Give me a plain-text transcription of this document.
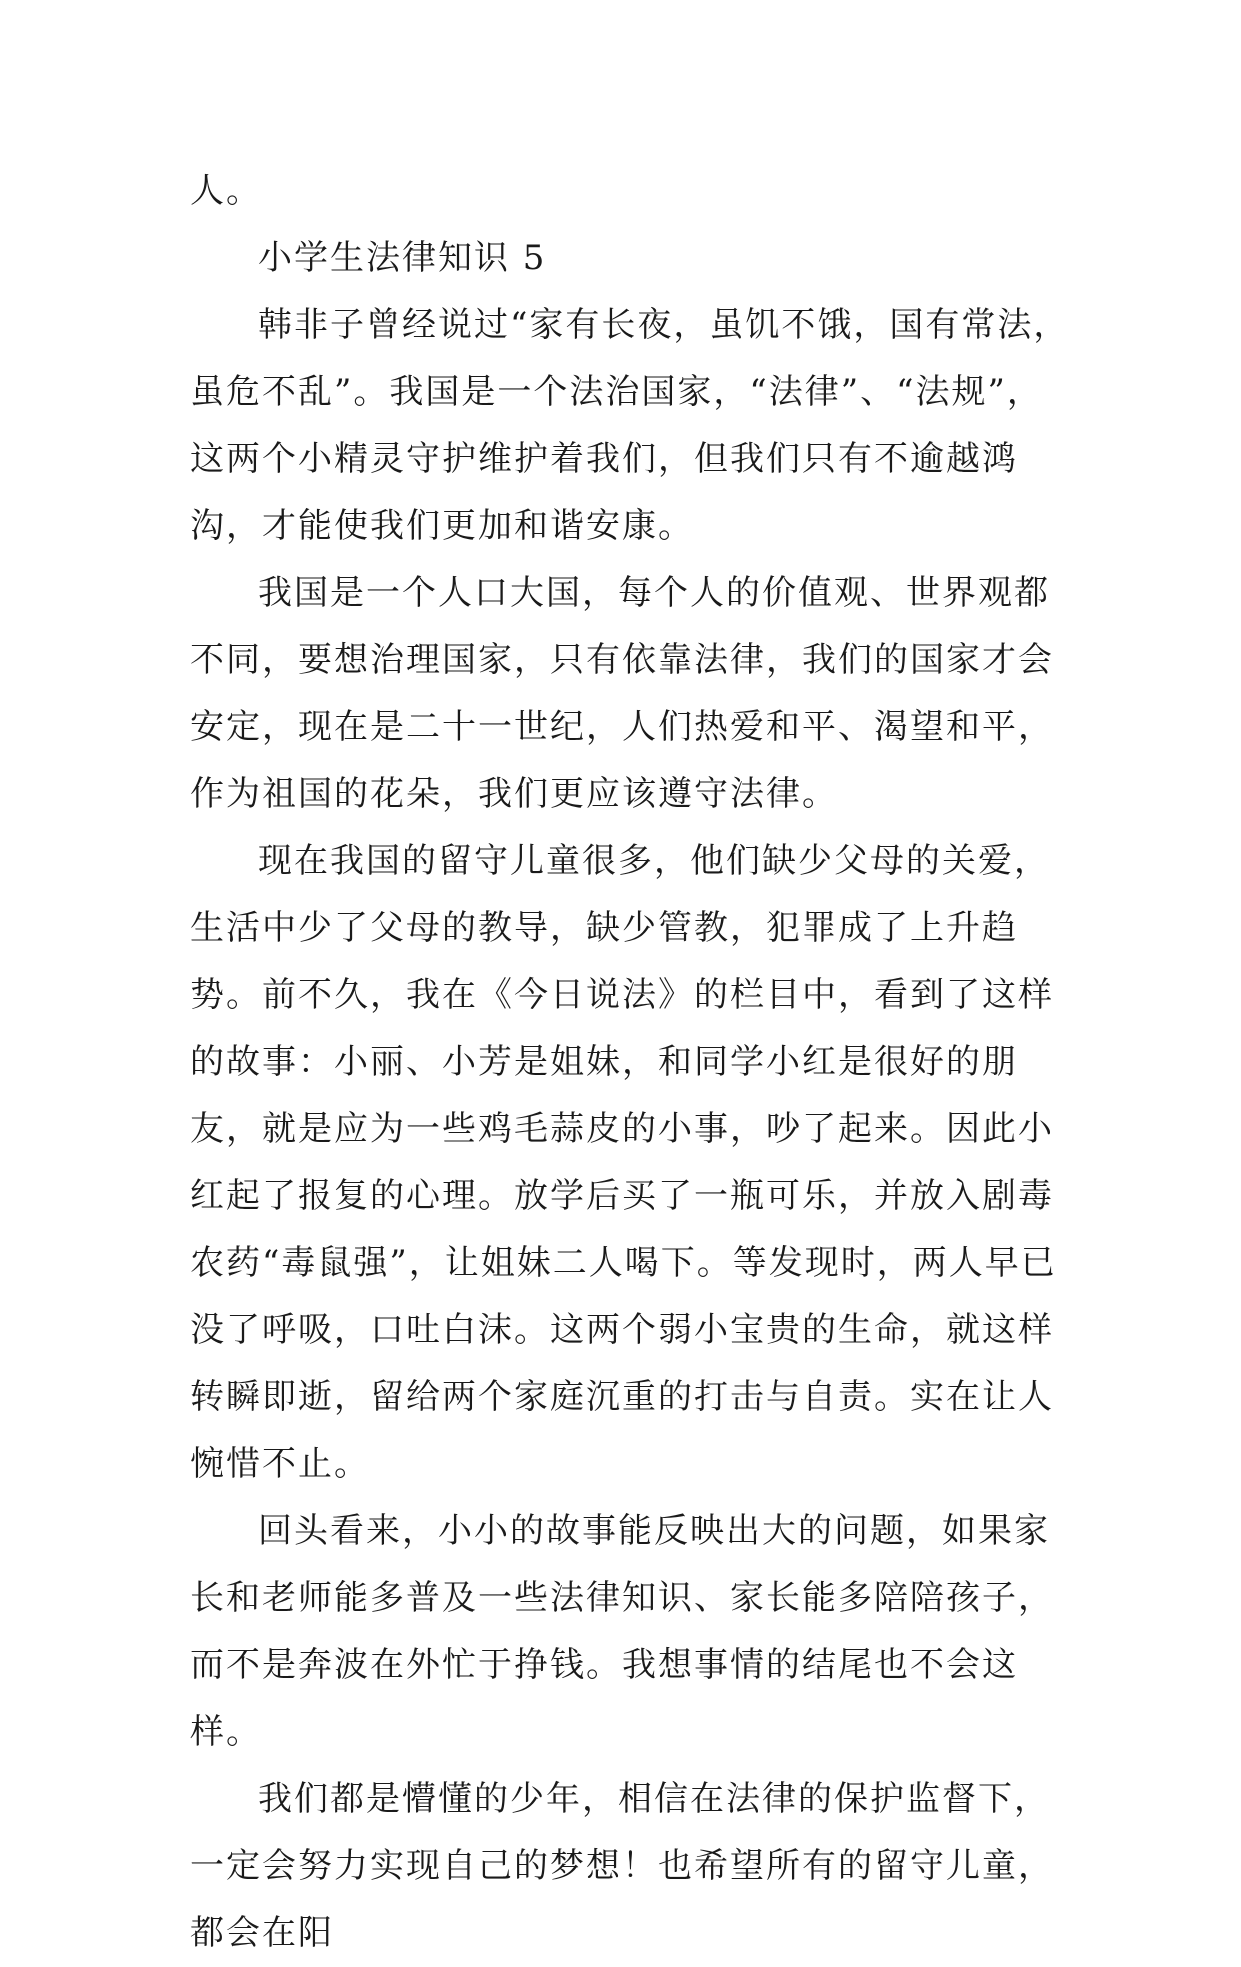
人。

小学生法律知识 5

韩非子曾经说过“家有长夜，虽饥不饿，国有常法，虽危不乱”。我国是一个法治国家，“法律”、“法规”，这两个小精灵守护维护着我们，但我们只有不逾越鸿沟，才能使我们更加和谐安康。

我国是一个人口大国，每个人的价值观、世界观都不同，要想治理国家，只有依靠法律，我们的国家才会安定，现在是二十一世纪，人们热爱和平、渴望和平，作为祖国的花朵，我们更应该遵守法律。

现在我国的留守儿童很多，他们缺少父母的关爱，生活中少了父母的教导，缺少管教，犯罪成了上升趋势。前不久，我在《今日说法》的栏目中，看到了这样的故事：小丽、小芳是姐妹，和同学小红是很好的朋友，就是应为一些鸡毛蒜皮的小事，吵了起来。因此小红起了报复的心理。放学后买了一瓶可乐，并放入剧毒农药“毒鼠强”，让姐妹二人喝下。等发现时，两人早已没了呼吸，口吐白沫。这两个弱小宝贵的生命，就这样转瞬即逝，留给两个家庭沉重的打击与自责。实在让人惋惜不止。

回头看来，小小的故事能反映出大的问题，如果家长和老师能多普及一些法律知识、家长能多陪陪孩子，而不是奔波在外忙于挣钱。我想事情的结尾也不会这样。

我们都是懵懂的少年，相信在法律的保护监督下，一定会努力实现自己的梦想！也希望所有的留守儿童，都会在阳
